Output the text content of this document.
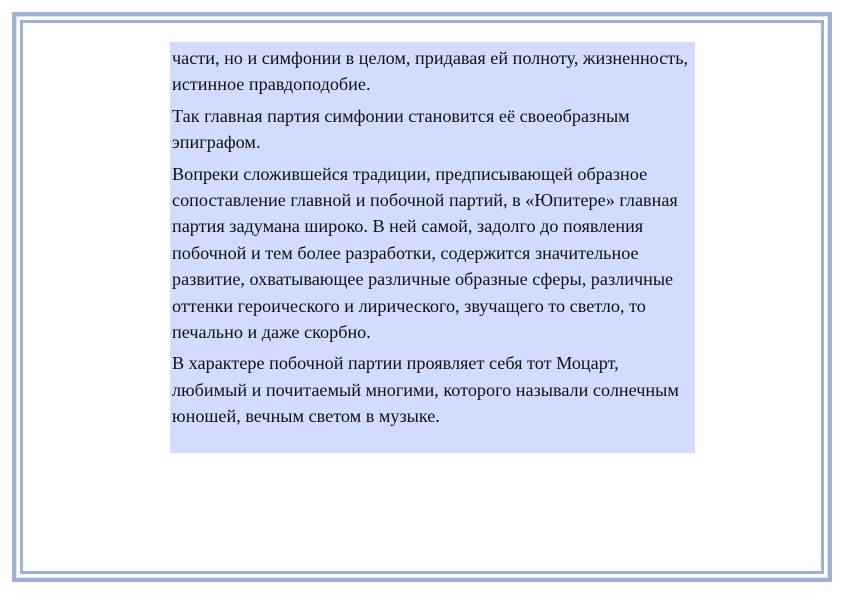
части, но и симфонии в целом, придавая ей полноту, жизненность, истинное правдоподобие.

Так главная партия симфонии становится её своеобразным эпиграфом.

Вопреки сложившейся традиции, предписывающей образное сопоставление главной и побочной партий, в «Юпитере» главная партия задумана широко. В ней самой, задолго до появления побочной и тем более разработки, содержится значительное развитие, охватывающее различные образные сферы, различные оттенки героического и лирического, звучащего то светло, то печально и даже скорбно.

В характере побочной партии проявляет себя тот Моцарт, любимый и почитаемый многими, которого называли солнечным юношей, вечным светом в музыке.
